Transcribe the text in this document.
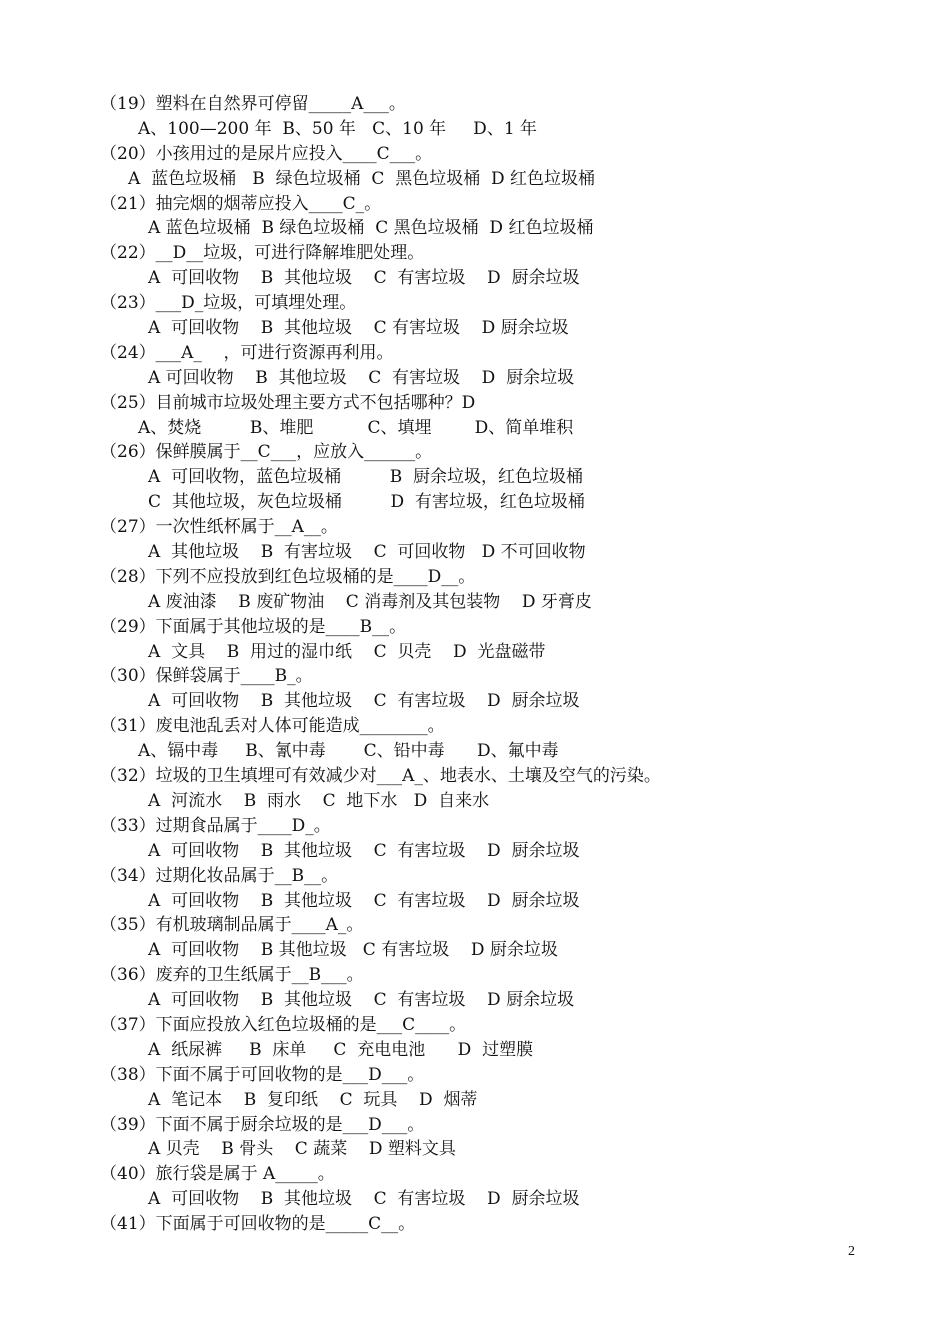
（19）塑料在自然界可停留_____A___。
A、100—200 年  B、50 年   C、10 年     D、1 年
（20）小孩用过的是尿片应投入____C___。
A  蓝色垃圾桶   B  绿色垃圾桶  C  黑色垃圾桶  D 红色垃圾桶
（21）抽完烟的烟蒂应投入____C_。
A 蓝色垃圾桶  B 绿色垃圾桶  C 黑色垃圾桶  D 红色垃圾桶
（22）__D__垃圾，可进行降解堆肥处理。
A  可回收物    B  其他垃圾    C  有害垃圾    D  厨余垃圾
（23）___D_垃圾，可填埋处理。
A  可回收物    B  其他垃圾    C 有害垃圾    D 厨余垃圾
（24）___A_    ，可进行资源再利用。
A 可回收物    B  其他垃圾    C  有害垃圾    D  厨余垃圾
（25）目前城市垃圾处理主要方式不包括哪种？D
A、焚烧         B、堆肥          C、填埋        D、简单堆积
（26）保鲜膜属于__C___，应放入______。
A  可回收物，蓝色垃圾桶         B  厨余垃圾，红色垃圾桶
C  其他垃圾，灰色垃圾桶         D  有害垃圾，红色垃圾桶
（27）一次性纸杯属于__A__。
A  其他垃圾    B  有害垃圾    C  可回收物   D 不可回收物
（28）下列不应投放到红色垃圾桶的是____D__。
A 废油漆    B 废矿物油    C 消毒剂及其包装物    D 牙膏皮
（29）下面属于其他垃圾的是____B__。
A  文具    B  用过的湿巾纸    C  贝壳    D  光盘磁带
（30）保鲜袋属于____B_。
A  可回收物    B  其他垃圾    C  有害垃圾    D  厨余垃圾
（31）废电池乱丢对人体可能造成________。
A、镉中毒     B、氰中毒       C、铅中毒      D、氟中毒
（32）垃圾的卫生填埋可有效减少对___A_、地表水、土壤及空气的污染。
A  河流水    B  雨水    C  地下水   D  自来水
（33）过期食品属于____D_。
A  可回收物    B  其他垃圾    C  有害垃圾    D  厨余垃圾
（34）过期化妆品属于__B__。
A  可回收物    B  其他垃圾    C  有害垃圾    D  厨余垃圾
（35）有机玻璃制品属于____A_。
A  可回收物    B 其他垃圾   C 有害垃圾    D 厨余垃圾
（36）废弃的卫生纸属于__B___。
A  可回收物    B  其他垃圾    C  有害垃圾    D 厨余垃圾
（37）下面应投放入红色垃圾桶的是___C____。
A  纸尿裤     B  床单     C  充电电池      D  过塑膜
（38）下面不属于可回收物的是___D___。
A  笔记本    B  复印纸    C  玩具    D  烟蒂
（39）下面不属于厨余垃圾的是___D___。
A 贝壳    B 骨头    C 蔬菜    D 塑料文具
（40）旅行袋是属于 A_____。
A  可回收物    B  其他垃圾    C  有害垃圾    D  厨余垃圾
（41）下面属于可回收物的是_____C__。
2
